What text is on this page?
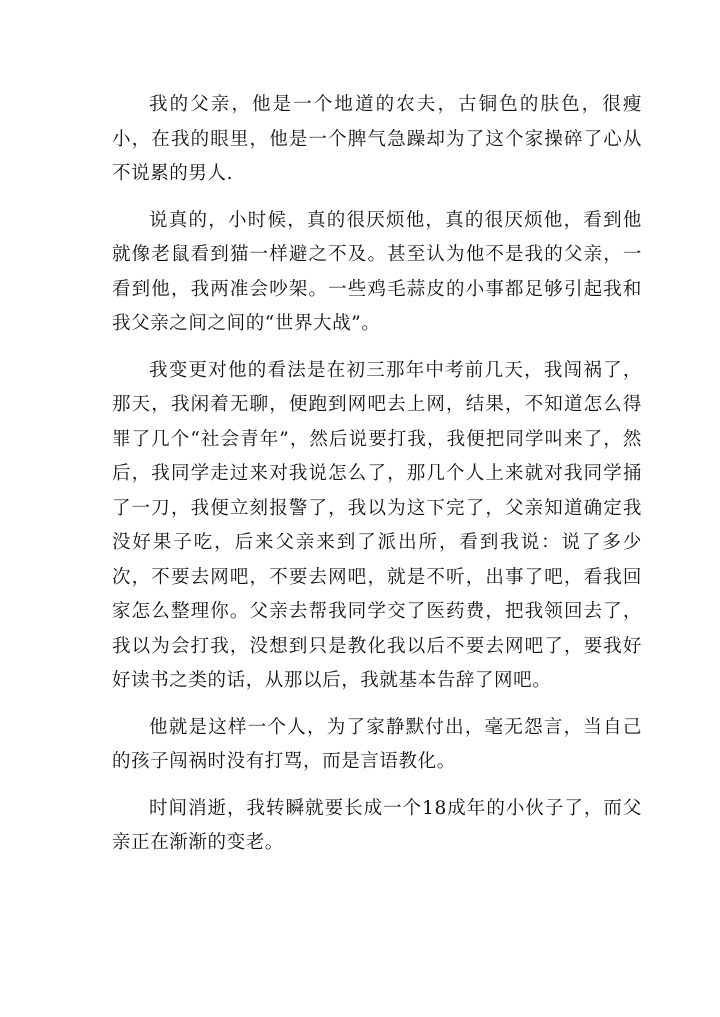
我的父亲，他是一个地道的农夫，古铜色的肤色，很瘦小，在我的眼里，他是一个脾气急躁却为了这个家操碎了心从不说累的男人.

说真的，小时候，真的很厌烦他，真的很厌烦他，看到他就像老鼠看到猫一样避之不及。甚至认为他不是我的父亲，一看到他，我两准会吵架。一些鸡毛蒜皮的小事都足够引起我和我父亲之间之间的“世界大战”。

我变更对他的看法是在初三那年中考前几天，我闯祸了，那天，我闲着无聊，便跑到网吧去上网，结果，不知道怎么得罪了几个“社会青年”，然后说要打我，我便把同学叫来了，然后，我同学走过来对我说怎么了，那几个人上来就对我同学捅了一刀，我便立刻报警了，我以为这下完了，父亲知道确定我没好果子吃，后来父亲来到了派出所，看到我说：说了多少次，不要去网吧，不要去网吧，就是不听，出事了吧，看我回家怎么整理你。父亲去帮我同学交了医药费，把我领回去了，我以为会打我，没想到只是教化我以后不要去网吧了，要我好好读书之类的话，从那以后，我就基本告辞了网吧。

他就是这样一个人，为了家静默付出，毫无怨言，当自己的孩子闯祸时没有打骂，而是言语教化。

时间消逝，我转瞬就要长成一个18成年的小伙子了，而父亲正在渐渐的变老。
